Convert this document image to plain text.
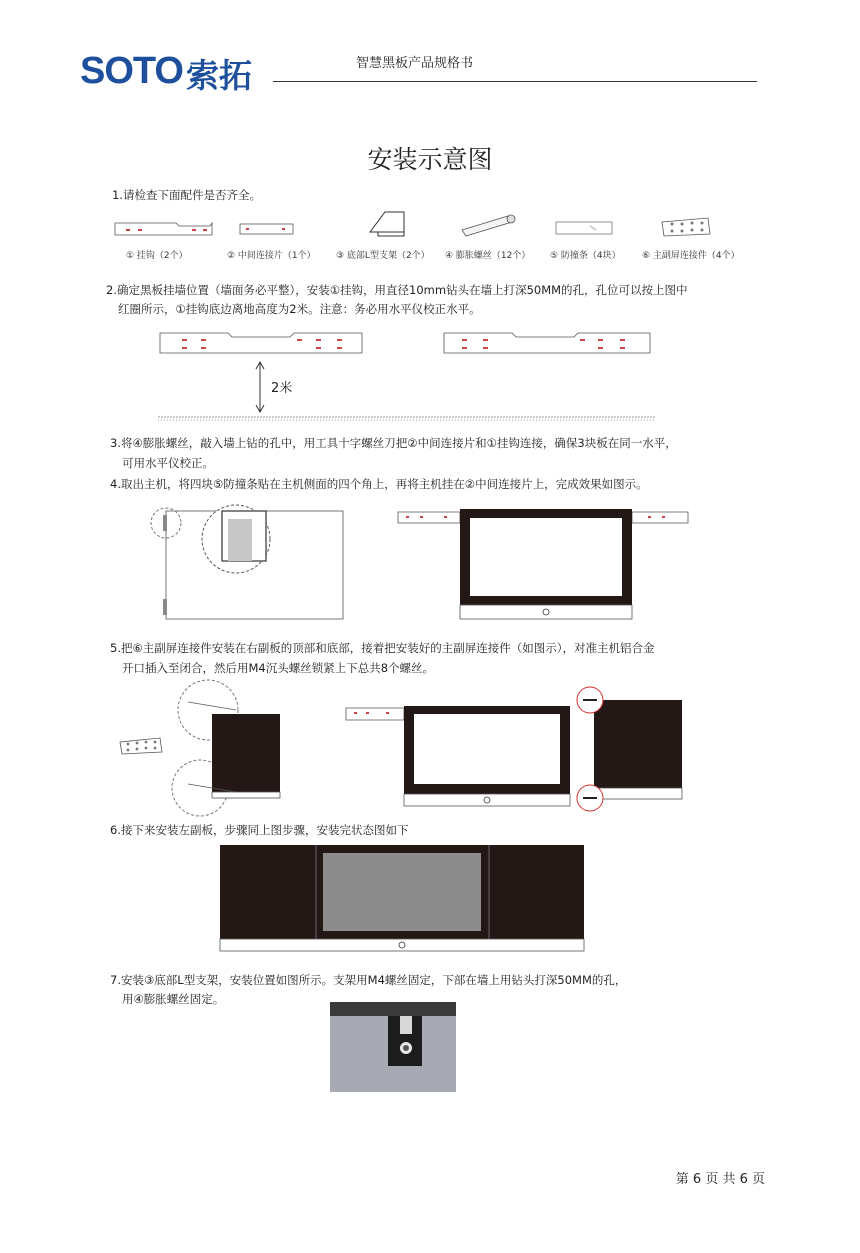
SOTO 索拓	智慧黑板产品规格书
安装示意图
1.请检查下面配件是否齐全。
① 挂钩（2个）	② 中间连接片（1个） ③ 底部L型支架（2个） ④ 膨胀螺丝（12个） ⑤ 防撞条（4块） ⑥ 主副屏连接件（4个）
2.确定黑板挂墙位置（墙面务必平整），安装①挂钩，用直径10mm钻头在墙上打深50MM的孔，孔位可以按上图中
红圈所示，①挂钩底边离地高度为2米。注意：务必用水平仪校正水平。
2米
3.将④膨胀螺丝，敲入墙上钻的孔中，用工具十字螺丝刀把②中间连接片和①挂钩连接，确保3块板在同一水平，
可用水平仪校正。
4.取出主机，将四块⑤防撞条贴在主机侧面的四个角上，再将主机挂在②中间连接片上，完成效果如图示。
5.把⑥主副屏连接件安装在右副板的顶部和底部，接着把安装好的主副屏连接件（如图示），对准主机铝合金
开口插入至闭合，然后用M4沉头螺丝锁紧上下总共8个螺丝。
6.接下来安装左副板，步骤同上图步骤，安装完状态图如下
7.安装③底部L型支架，安装位置如图所示。支架用M4螺丝固定，下部在墙上用钻头打深50MM的孔，
用④膨胀螺丝固定。
第 6 页 共 6 页
